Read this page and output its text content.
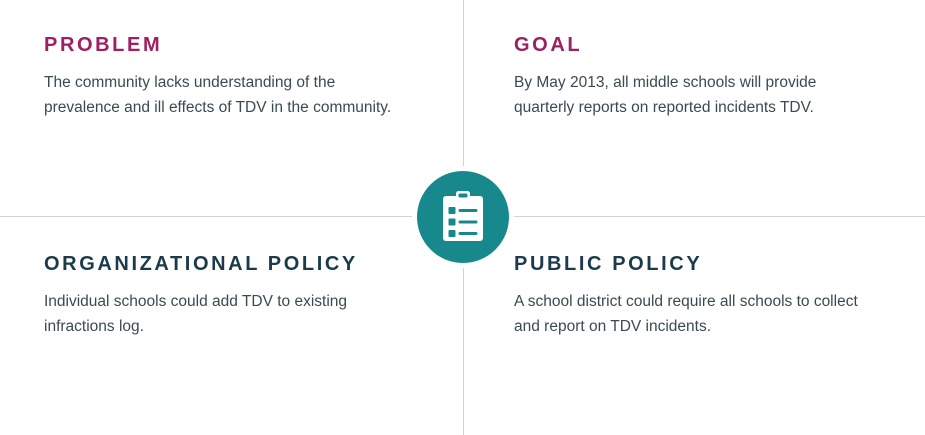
PROBLEM

The community lacks understanding of the prevalence and ill effects of TDV in the community.

GOAL

By May 2013, all middle schools will provide quarterly reports on reported incidents TDV.

ORGANIZATIONAL POLICY

Individual schools could add TDV to existing infractions log.

PUBLIC POLICY

A school district could require all schools to collect and report on TDV incidents.
